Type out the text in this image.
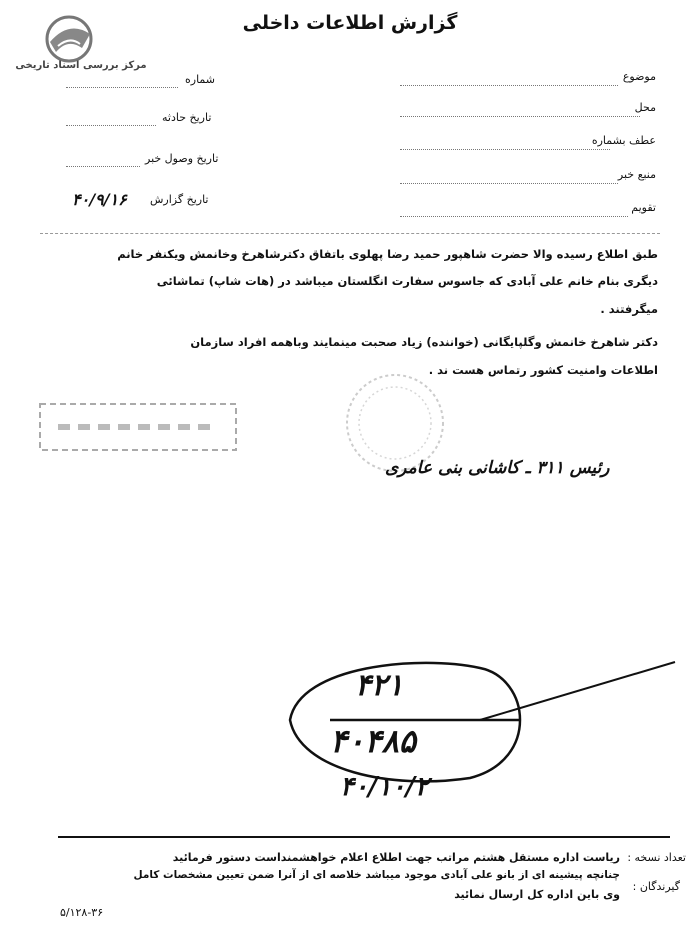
گزارش اطلاعات داخلی
مرکز بررسی اسناد تاریخی
موضوع
محل
عطف بشماره
منبع خبر
تقویم
شماره
تاریخ حادثه
تاریخ وصول خبر
تاریخ گزارش
۴۰/۹/۱۶
طبق اطلاع رسیده والا حضرت شاهپور حمید رضا پهلوی باتفاق دکترشاهرخ وخانمش ویکنفر خانم
دیگری بنام خانم علی آبادی که جاسوس سفارت انگلستان میباشد در (هات شاپ) تماشائی
میگرفتند .
دکتر شاهرخ خانمش وگلپایگانی (خواننده) زیاد صحبت مینمایند وباهمه افراد سازمان
اطلاعات وامنیت کشور رتماس هست ند .
رئیس ۳۱۱ ـ کاشانی بنی عامری
۴۲۱
۴۰۴۸۵
۴۰/۱۰/۲
تعداد نسخه :
گیرندگان :
ریاست اداره مستقل هشتم مراتب جهت اطلاع اعلام خواهشمنداست دستور فرمائید
چنانچه پیشینه ای از بانو علی آبادی موجود میباشد خلاصه ای از آنرا ضمن تعیین مشخصات کامل
وی باین اداره کل ارسال نمائید
۵/۱۲۸-۳۶
